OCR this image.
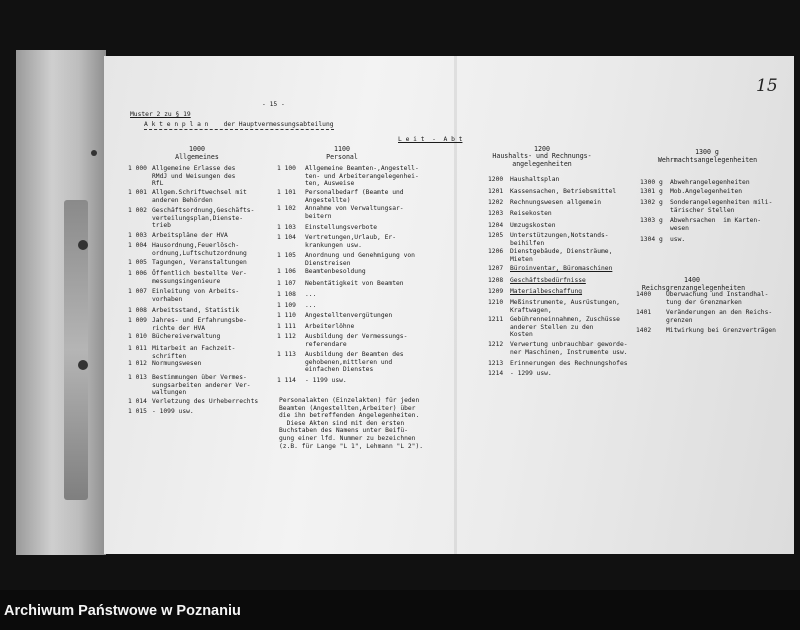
15
Muster 2 zu § 19
- 15 -
A k t e n p l a n    der Hauptvermessungsabteilung
L e i t  -  A b t
1000
Allgemeines
1100
Personal
1200
Haushalts- und Rechnungs-
angelegenheiten
1300 g
Wehrmachtsangelegenheiten
1400
Reichsgrenzangelegenheiten
1 000 Allgemeine Erlasse des
RMdJ und Weisungen des
RfL
1 001 Allgem.Schriftwechsel mit
anderen Behörden
1 002 Geschäftsordnung,Geschäfts-
verteilungsplan,Dienste-
trieb
1 003 Arbeitspläne der HVA
1 004 Hausordnung,Feuerlösch-
ordnung,Luftschutzordnung
1 005 Tagungen, Veranstaltungen
1 006 Öffentlich bestellte Ver-
messungsingenieure
1 007 Einleitung von Arbeits-
vorhaben
1 008 Arbeitsstand, Statistik
1 009 Jahres- und Erfahrungsbe-
richte der HVA
1 010 Büchereiverwaltung
1 011 Mitarbeit an Fachzeit-
schriften
1 012 Normungswesen
1 013 Bestimmungen über Vermes-
sungsarbeiten anderer Ver-
waltungen
1 014 Verletzung des Urheberrechts
1 015 - 1099 usw.
1 100 Allgemeine Beamten-,Angestell-
ten- und Arbeiterangelegenhei-
ten, Ausweise
1 101 Personalbedarf (Beamte und
Angestellte)
1 102 Annahme von Verwaltungsar-
beitern
1 103 Einstellungsverbote
1 104 Vertretungen,Urlaub, Er-
krankungen usw.
1 105 Anordnung und Genehmigung von
Dienstreisen
1 106 Beamtenbesoldung
1 107 Nebentätigkeit von Beamten
1 108 ...
1 109 ...
1 110 Angestelltenvergütungen
1 111 Arbeiterlöhne
1 112 Ausbildung der Vermessungs-
referendare
1 113 Ausbildung der Beamten des
gehobenen,mittleren und
einfachen Dienstes
1 114 - 1199 usw.
1200 Haushaltsplan
1201 Kassensachen, Betriebsmittel
1202 Rechnungswesen allgemein
1203 Reisekosten
1204 Umzugskosten
1205 Unterstützungen,Notstands-
beihilfen
1206 Dienstgebäude, Diensträume,
Mieten
1207 Büroinventar, Büromaschinen
1208 Geschäftsbedürfnisse
1209 Materialbeschaffung
1210 Meßinstrumente, Ausrüstungen,
Kraftwagen,
1211 Gebührenneinnahmen, Zuschüsse
anderer Stellen zu den
Kosten
1212 Verwertung unbrauchbar geworde-
ner Maschinen, Instrumente usw.
1213 Erinnerungen des Rechnungshofes
1214 - 1299 usw.
1300 g Abwehrangelegenheiten
1301 g Mob.Angelegenheiten
1302 g Sonderangelegenheiten mili-
tärischer Stellen
1303 g Abwehrsachen  im Karten-
wesen
1304 g usw.
1400 Überwachung und Instandhal-
tung der Grenzmarken
1401 Veränderungen an den Reichs-
grenzen
1402 Mitwirkung bei Grenzverträgen
Personalakten (Einzelakten) für jeden
Beamten (Angestellten,Arbeiter) über
die ihn betreffenden Angelegenheiten.
Diese Akten sind mit den ersten
Buchstaben des Namens unter Beifü-
gung einer lfd. Nummer zu bezeichnen
(z.B. für Lange "L 1", Lehmann "L 2").
Archiwum Państwowe w Poznaniu
